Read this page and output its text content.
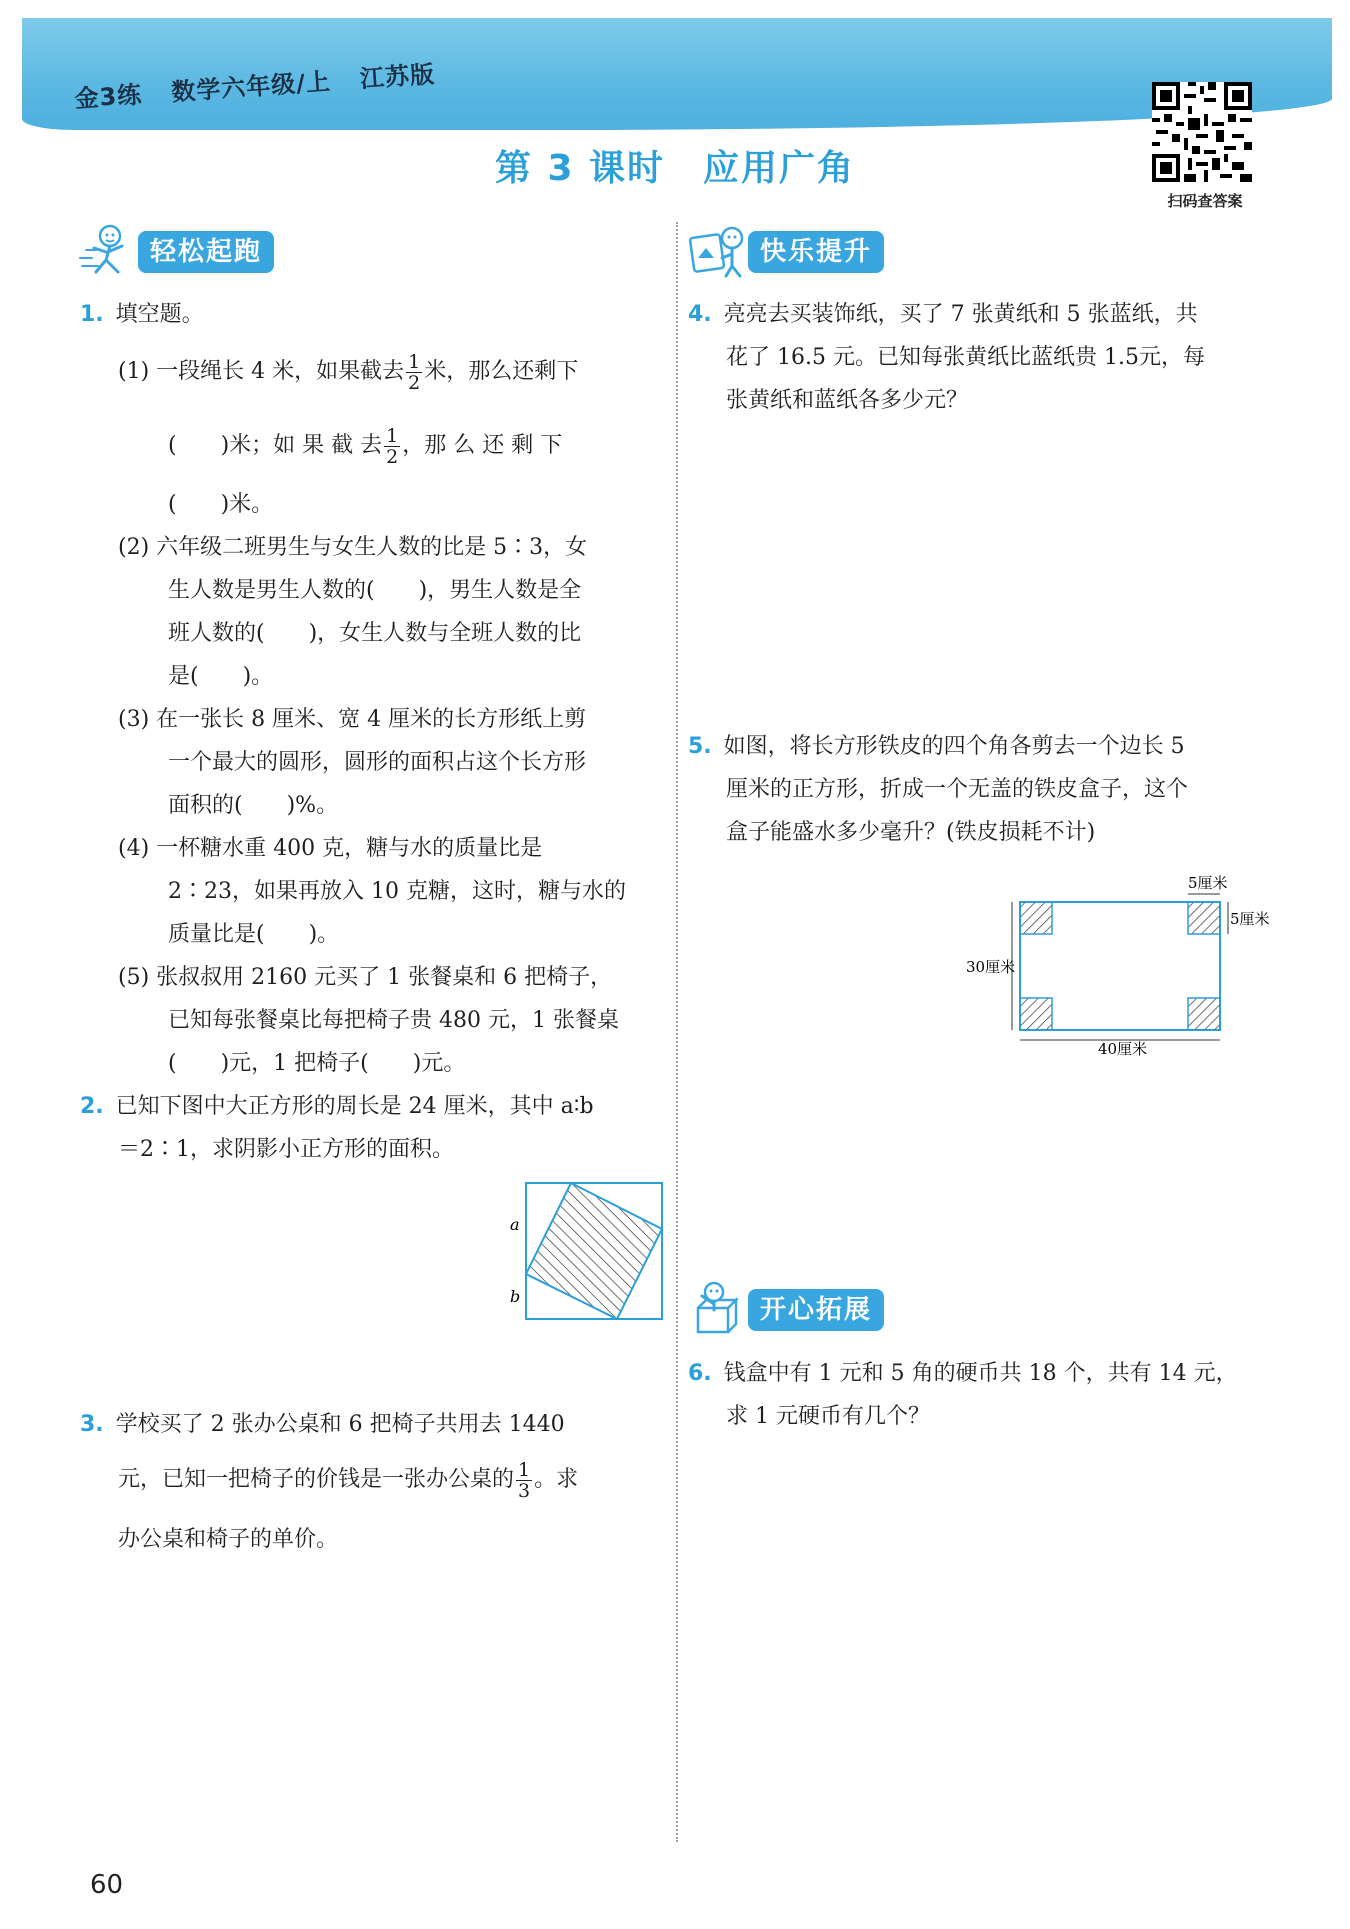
金3练 数学六年级/上 江苏版
第 3 课时　应用广角
扫码查答案
轻松起跑	快乐提升
开心拓展
1. 填空题。
(1) 一段绳长 4 米，如果截去 $\frac{1}{2}$ 米，那么还剩下
(　　)米；如 果 截 去 $\frac{1}{2}$ ，那 么 还 剩 下
(　　)米。
(2) 六年级二班男生与女生人数的比是 5∶3，女
生人数是男生人数的(　　)，男生人数是全
班人数的(　　)，女生人数与全班人数的比
是(　　)。
(3) 在一张长 8 厘米、宽 4 厘米的长方形纸上剪
一个最大的圆形，圆形的面积占这个长方形
面积的(　　)%。
(4) 一杯糖水重 400 克，糖与水的质量比是
2∶23，如果再放入 10 克糖，这时，糖与水的
质量比是(　　)。
(5) 张叔叔用 2160 元买了 1 张餐桌和 6 把椅子，
已知每张餐桌比每把椅子贵 480 元，1 张餐桌
(　　)元，1 把椅子(　　)元。
2. 已知下图中大正方形的周长是 24 厘米，其中 a∶b
＝2∶1，求阴影小正方形的面积。
a
b
3. 学校买了 2 张办公桌和 6 把椅子共用去 1440
元，已知一把椅子的价钱是一张办公桌的 $\frac{1}{3}$ 。求
办公桌和椅子的单价。
4. 亮亮去买装饰纸，买了 7 张黄纸和 5 张蓝纸，共
花了 16.5 元。已知每张黄纸比蓝纸贵 1.5元，每
张黄纸和蓝纸各多少元？
5. 如图，将长方形铁皮的四个角各剪去一个边长 5
厘米的正方形，折成一个无盖的铁皮盒子，这个
盒子能盛水多少毫升？(铁皮损耗不计)
5厘米
5厘米
30厘米
40厘米
6. 钱盒中有 1 元和 5 角的硬币共 18 个，共有 14 元，
求 1 元硬币有几个？
60
